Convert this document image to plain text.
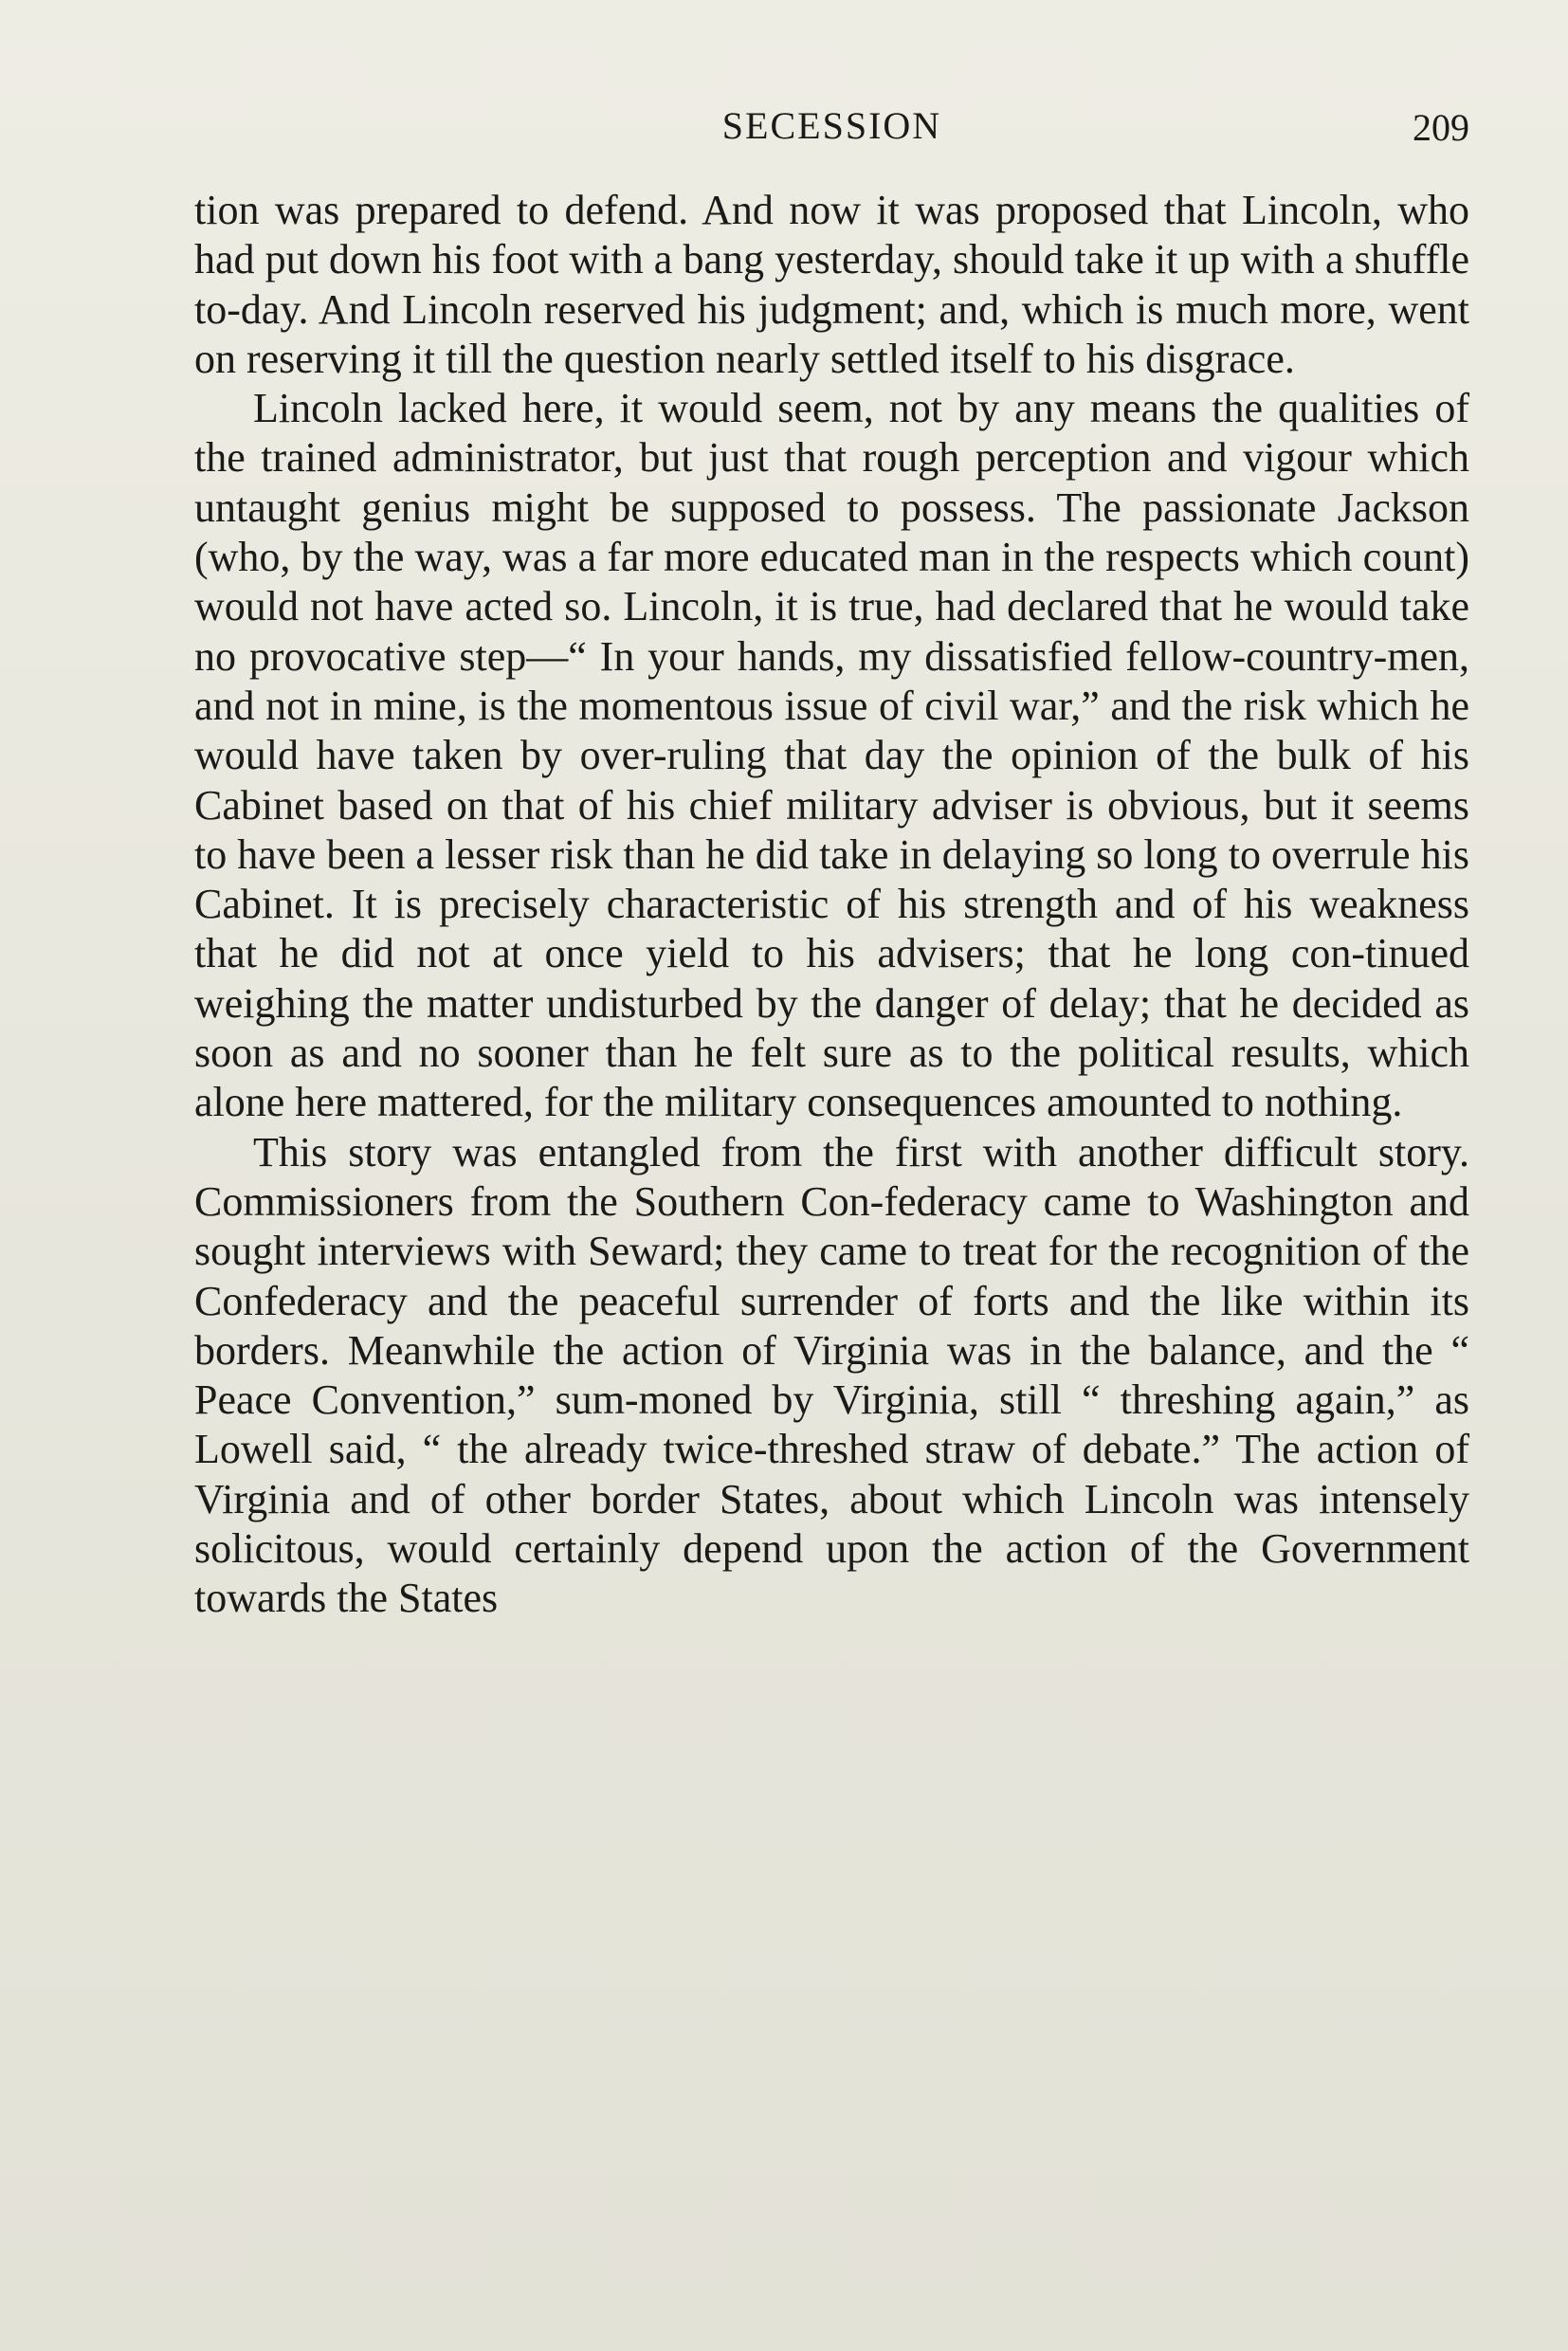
SECESSION	209

tion was prepared to defend. And now it was proposed that Lincoln, who had put down his foot with a bang yesterday, should take it up with a shuffle to-day. And Lincoln reserved his judgment; and, which is much more, went on reserving it till the question nearly settled itself to his disgrace.

Lincoln lacked here, it would seem, not by any means the qualities of the trained administrator, but just that rough perception and vigour which untaught genius might be supposed to possess. The passionate Jackson (who, by the way, was a far more educated man in the respects which count) would not have acted so. Lincoln, it is true, had declared that he would take no provocative step—“ In your hands, my dissatisfied fellow-country-men, and not in mine, is the momentous issue of civil war,” and the risk which he would have taken by over-ruling that day the opinion of the bulk of his Cabinet based on that of his chief military adviser is obvious, but it seems to have been a lesser risk than he did take in delaying so long to overrule his Cabinet. It is precisely characteristic of his strength and of his weakness that he did not at once yield to his advisers; that he long con-tinued weighing the matter undisturbed by the danger of delay; that he decided as soon as and no sooner than he felt sure as to the political results, which alone here mattered, for the military consequences amounted to nothing.

This story was entangled from the first with another difficult story. Commissioners from the Southern Con-federacy came to Washington and sought interviews with Seward; they came to treat for the recognition of the Confederacy and the peaceful surrender of forts and the like within its borders. Meanwhile the action of Virginia was in the balance, and the “ Peace Convention,” sum-moned by Virginia, still “ threshing again,” as Lowell said, “ the already twice-threshed straw of debate.” The action of Virginia and of other border States, about which Lincoln was intensely solicitous, would certainly depend upon the action of the Government towards the States
